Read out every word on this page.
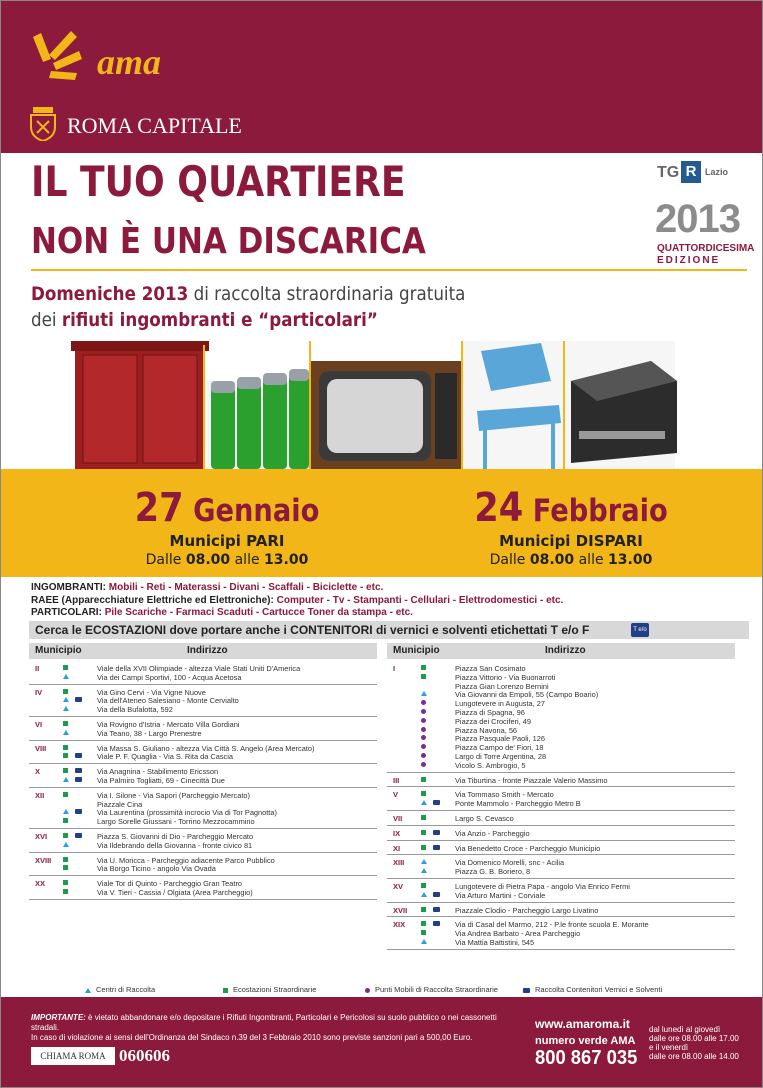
ama
ROMA CAPITALE
IL TUO QUARTIERE
NON È UNA DISCARICA
TG R Lazio
2013
QUATTORDICESIMA
EDIZIONE
Domeniche 2013 di raccolta straordinaria gratuita
dei rifiuti ingombranti e “particolari”
27 Gennaio
Municipi PARI
Dalle 08.00 alle 13.00
24 Febbraio
Municipi DISPARI
Dalle 08.00 alle 13.00
INGOMBRANTI: Mobili - Reti - Materassi - Divani - Scaffali - Biciclette - etc.
RAEE (Apparecchiature Elettriche ed Elettroniche): Computer - Tv - Stampanti - Cellulari - Elettrodomestici - etc.
PARTICOLARI: Pile Scariche - Farmaci Scaduti - Cartucce Toner da stampa - etc.
Cerca le ECOSTAZIONI dove portare anche i CONTENITORI di vernici e solventi etichettati T e/o F	T e/o
Municipio	Indirizzo	Municipio	Indirizzo
II	Viale della XVII Olimpiade - altezza Viale Stati Uniti D'America
Via dei Campi Sportivi, 100 - Acqua Acetosa
IV	Via Gino Cervi - Via Vigne Nuove
Via dell'Ateneo Salesiano - Monte Cervialto
Via della Bufalotta, 592
VI	Via Rovigno d'Istria - Mercato Villa Gordiani
Via Teano, 38 - Largo Prenestre
VIII	Via Massa S. Giuliano - altezza Via Città S. Angelo (Area Mercato)
Viale P. F. Quaglia - Via S. Rita da Cascia
X	Via Anagnina - Stabilimento Ericsson
Via Palmiro Togliatti, 69 - Cinecittà Due
XII	Via I. Silone - Via Sapori (Parcheggio Mercato)
Piazzale Cina
Via Laurentina (prossimità incrocio Via di Tor Pagnotta)
Largo Sorelle Giussani - Torrino Mezzocammino
XVI	Piazza S. Giovanni di Dio - Parcheggio Mercato
Via Ildebrando della Giovanna - fronte civico 81
XVIII	Via U. Moricca - Parcheggio adiacente Parco Pubblico
Via Borgo Ticino - angolo Via Ovada
XX	Viale Tor di Quinto - Parcheggio Gran Teatro
Via V. Tieri - Cassia / Olgiata (Area Parcheggio)
I	Piazza San Cosimato
Piazza Vittorio - Via Buonarroti
Piazza Gian Lorenzo Bernini
Via Giovanni da Empoli, 55 (Campo Boario)
Lungotevere in Augusta, 27
Piazza di Spagna, 96
Piazza dei Crociferi, 49
Piazza Navona, 56
Piazza Pasquale Paoli, 126
Piazza Campo de' Fiori, 18
Largo di Torre Argentina, 28
Vicolo S. Ambrogio, 5
III	Via Tiburtina - fronte Piazzale Valerio Massimo
V	Via Tommaso Smith - Mercato
Ponte Mammolo - Parcheggio Metro B
VII	Largo S. Cevasco
IX	Via Anzio - Parcheggio
XI	Via Benedetto Croce - Parcheggio Municipio
XIII	Via Domenico Morelli, snc - Acilia
Piazza G. B. Boriero, 8
XV	Lungotevere di Pietra Papa - angolo Via Enrico Fermi
Via Arturo Martini - Corviale
XVII	Piazzale Clodio - Parcheggio Largo Livatino
XIX	Via di Casal del Marmo, 212 - P.le fronte scuola E. Morante
Via Andrea Barbato - Area Parcheggio
Via Mattia Battistini, 545
Centri di Raccolta	Ecostazioni Straordinarie	Punti Mobili di Raccolta Straordinarie	Raccolta Contenitori Vernici e Solventi
IMPORTANTE: è vietato abbandonare e/o depositare i Rifiuti Ingombranti, Particolari e Pericolosi su suolo pubblico o nei cassonetti stradali.
In caso di violazione ai sensi dell'Ordinanza del Sindaco n.39 del 3 Febbraio 2010 sono previste sanzioni pari a 500,00 Euro.
CHIAMA ROMA 060606
www.amaroma.it
numero verde AMA
800 867 035
dal lunedì al giovedì
dalle ore 08.00 alle 17.00
e il venerdì
dalle ore 08.00 alle 14.00
